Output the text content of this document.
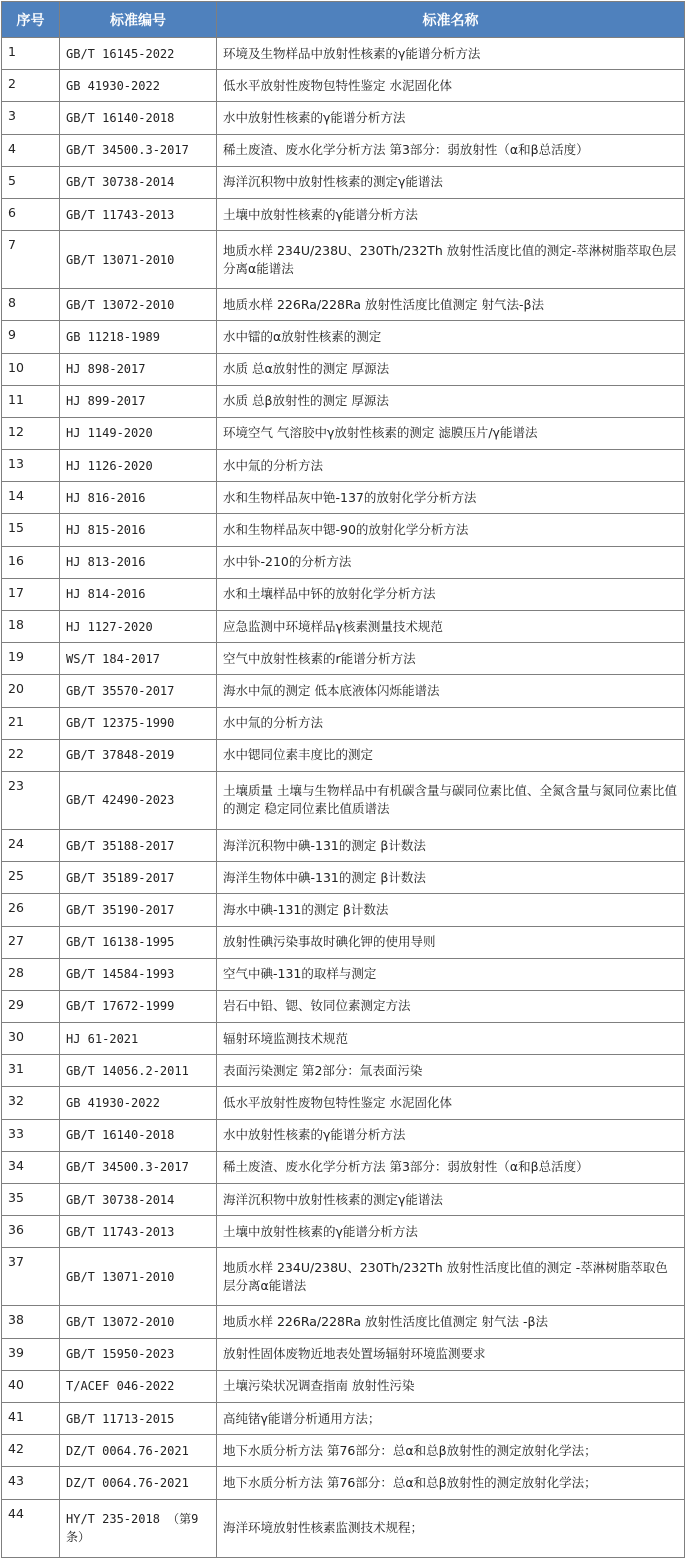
序号	标准编号	标准名称
1	GB/T 16145-2022	环境及生物样品中放射性核素的γ能谱分析方法
2	GB 41930-2022	低水平放射性废物包特性鉴定 水泥固化体
3	GB/T 16140-2018	水中放射性核素的γ能谱分析方法
4	GB/T 34500.3-2017	稀土废渣、废水化学分析方法 第3部分：弱放射性（α和β总活度）
5	GB/T 30738-2014	海洋沉积物中放射性核素的测定γ能谱法
6	GB/T 11743-2013	土壤中放射性核素的γ能谱分析方法
7	GB/T 13071-2010	地质水样 234U/238U、230Th/232Th 放射性活度比值的测定-萃淋树脂萃取色层分离α能谱法
8	GB/T 13072-2010	地质水样 226Ra/228Ra 放射性活度比值测定 射气法-β法
9	GB 11218-1989	水中镭的α放射性核素的测定
10	HJ 898-2017	水质 总α放射性的测定 厚源法
11	HJ 899-2017	水质 总β放射性的测定 厚源法
12	HJ 1149-2020	环境空气 气溶胶中γ放射性核素的测定 滤膜压片/γ能谱法
13	HJ 1126-2020	水中氚的分析方法
14	HJ 816-2016	水和生物样品灰中铯-137的放射化学分析方法
15	HJ 815-2016	水和生物样品灰中锶-90的放射化学分析方法
16	HJ 813-2016	水中钋-210的分析方法
17	HJ 814-2016	水和土壤样品中钚的放射化学分析方法
18	HJ 1127-2020	应急监测中环境样品γ核素测量技术规范
19	WS/T 184-2017	空气中放射性核素的r能谱分析方法
20	GB/T 35570-2017	海水中氚的测定 低本底液体闪烁能谱法
21	GB/T 12375-1990	水中氚的分析方法
22	GB/T 37848-2019	水中锶同位素丰度比的测定
23	GB/T 42490-2023	土壤质量 土壤与生物样品中有机碳含量与碳同位素比值、全氮含量与氮同位素比值的测定 稳定同位素比值质谱法
24	GB/T 35188-2017	海洋沉积物中碘-131的测定 β计数法
25	GB/T 35189-2017	海洋生物体中碘-131的测定 β计数法
26	GB/T 35190-2017	海水中碘-131的测定 β计数法
27	GB/T 16138-1995	放射性碘污染事故时碘化钾的使用导则
28	GB/T 14584-1993	空气中碘-131的取样与测定
29	GB/T 17672-1999	岩石中铅、锶、钕同位素测定方法
30	HJ 61-2021	辐射环境监测技术规范
31	GB/T 14056.2-2011	表面污染测定 第2部分：氚表面污染
32	GB 41930-2022	低水平放射性废物包特性鉴定 水泥固化体
33	GB/T 16140-2018	水中放射性核素的γ能谱分析方法
34	GB/T 34500.3-2017	稀土废渣、废水化学分析方法 第3部分：弱放射性（α和β总活度）
35	GB/T 30738-2014	海洋沉积物中放射性核素的测定γ能谱法
36	GB/T 11743-2013	土壤中放射性核素的γ能谱分析方法
37	GB/T 13071-2010	地质水样 234U/238U、230Th/232Th 放射性活度比值的测定 -萃淋树脂萃取色层分离α能谱法
38	GB/T 13072-2010	地质水样 226Ra/228Ra 放射性活度比值测定 射气法 -β法
39	GB/T 15950-2023	放射性固体废物近地表处置场辐射环境监测要求
40	T/ACEF 046-2022	土壤污染状况调查指南 放射性污染
41	GB/T 11713-2015	高纯锗γ能谱分析通用方法；
42	DZ/T 0064.76-2021	地下水质分析方法 第76部分：总α和总β放射性的测定放射化学法；
43	DZ/T 0064.76-2021	地下水质分析方法 第76部分：总α和总β放射性的测定放射化学法；
44	HY/T 235-2018 （第9条）	海洋环境放射性核素监测技术规程；
